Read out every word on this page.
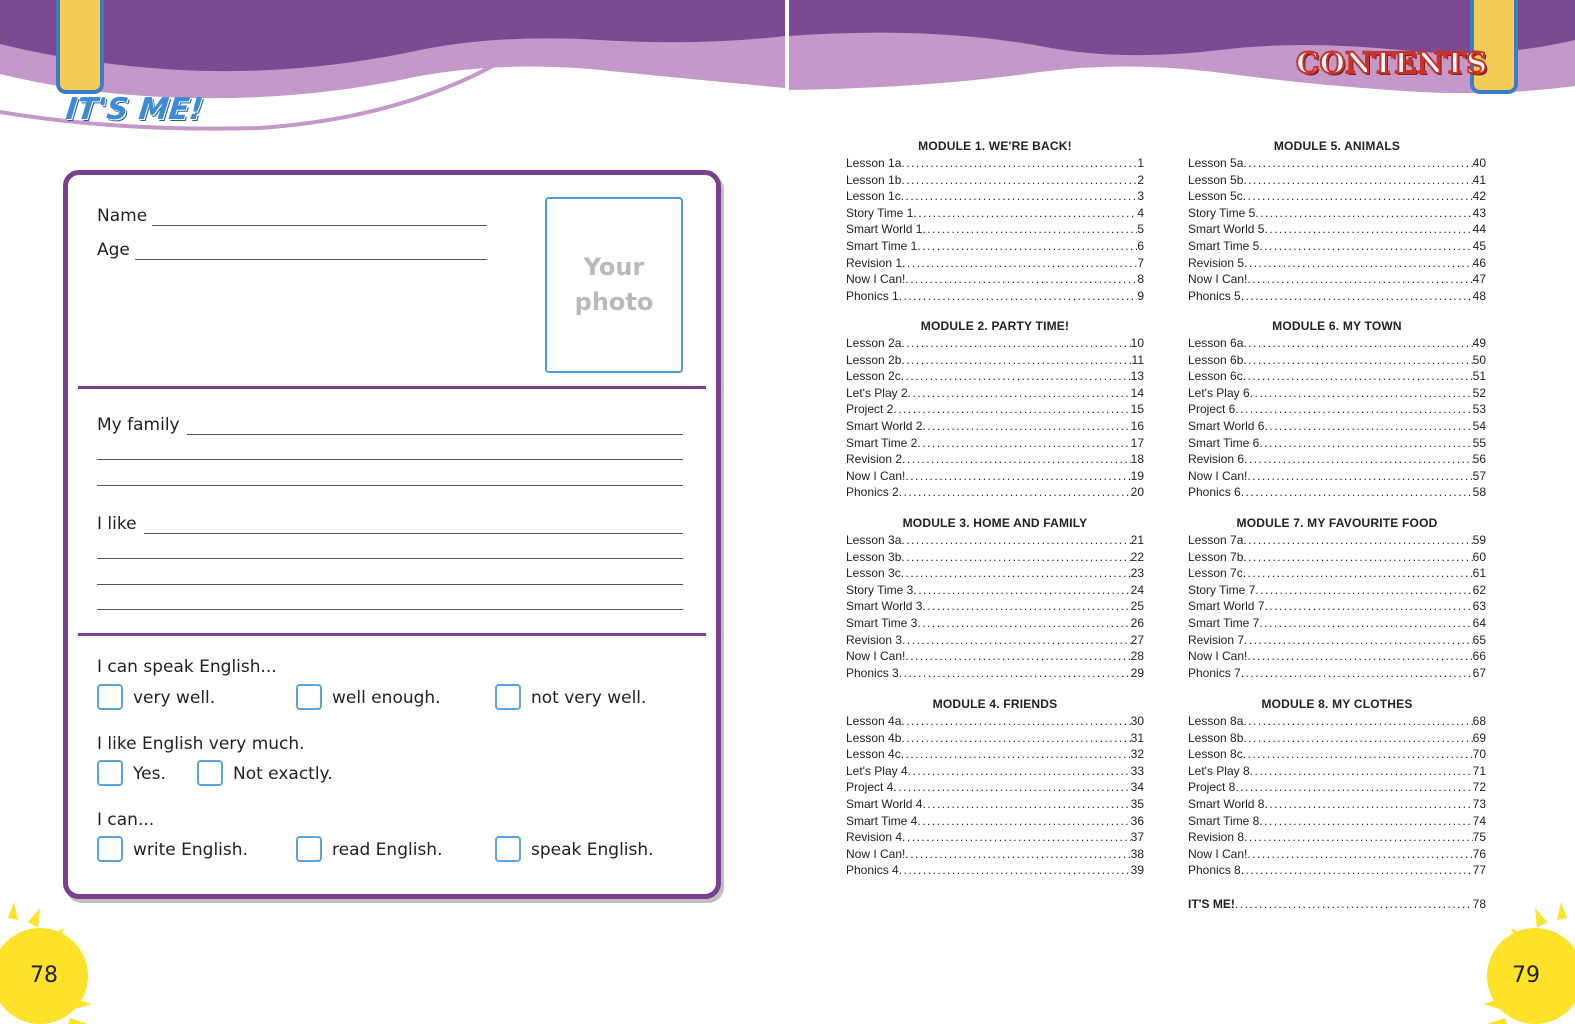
IT'S ME!
CONTENTS
Name
Age
Your
photo
My family
I like
I can speak English...
very well.	well enough.	not very well.
I like English very much.
Yes.	Not exactly.
I can...
write English.	read English.	speak English.
78	79
MODULE 1. WE'RE BACK!
Lesson 1a .....	1
Lesson 1b .....	2
Lesson 1c .....	3
Story Time 1 .....	4
Smart World 1 .....	5
Smart Time 1 .....	6
Revision 1 .....	7
Now I Can! .....	8
Phonics 1 .....	9
MODULE 2. PARTY TIME!
Lesson 2a .....	10
Lesson 2b .....	11
Lesson 2c .....	13
Let's Play 2 .....	14
Project 2 .....	15
Smart World 2 .....	16
Smart Time 2 .....	17
Revision 2 .....	18
Now I Can! .....	19
Phonics 2 .....	20
MODULE 3. HOME AND FAMILY
Lesson 3a .....	21
Lesson 3b .....	22
Lesson 3c .....	23
Story Time 3 .....	24
Smart World 3 .....	25
Smart Time 3 .....	26
Revision 3 .....	27
Now I Can! .....	28
Phonics 3 .....	29
MODULE 4. FRIENDS
Lesson 4a .....	30
Lesson 4b .....	31
Lesson 4c .....	32
Let's Play 4 .....	33
Project 4 .....	34
Smart World 4 .....	35
Smart Time 4 .....	36
Revision 4 .....	37
Now I Can! .....	38
Phonics 4 .....	39
MODULE 5. ANIMALS
Lesson 5a .....	40
Lesson 5b .....	41
Lesson 5c .....	42
Story Time 5 .....	43
Smart World 5 .....	44
Smart Time 5 .....	45
Revision 5 .....	46
Now I Can! .....	47
Phonics 5 .....	48
MODULE 6. MY TOWN
Lesson 6a .....	49
Lesson 6b .....	50
Lesson 6c .....	51
Let's Play 6 .....	52
Project 6 .....	53
Smart World 6 .....	54
Smart Time 6 .....	55
Revision 6 .....	56
Now I Can! .....	57
Phonics 6 .....	58
MODULE 7. MY FAVOURITE FOOD
Lesson 7a .....	59
Lesson 7b .....	60
Lesson 7c .....	61
Story Time 7 .....	62
Smart World 7 .....	63
Smart Time 7 .....	64
Revision 7 .....	65
Now I Can! .....	66
Phonics 7 .....	67
MODULE 8. MY CLOTHES
Lesson 8a .....	68
Lesson 8b .....	69
Lesson 8c .....	70
Let's Play 8 .....	71
Project 8 .....	72
Smart World 8 .....	73
Smart Time 8 .....	74
Revision 8 .....	75
Now I Can! .....	76
Phonics 8 .....	77
IT'S ME! .....	78
